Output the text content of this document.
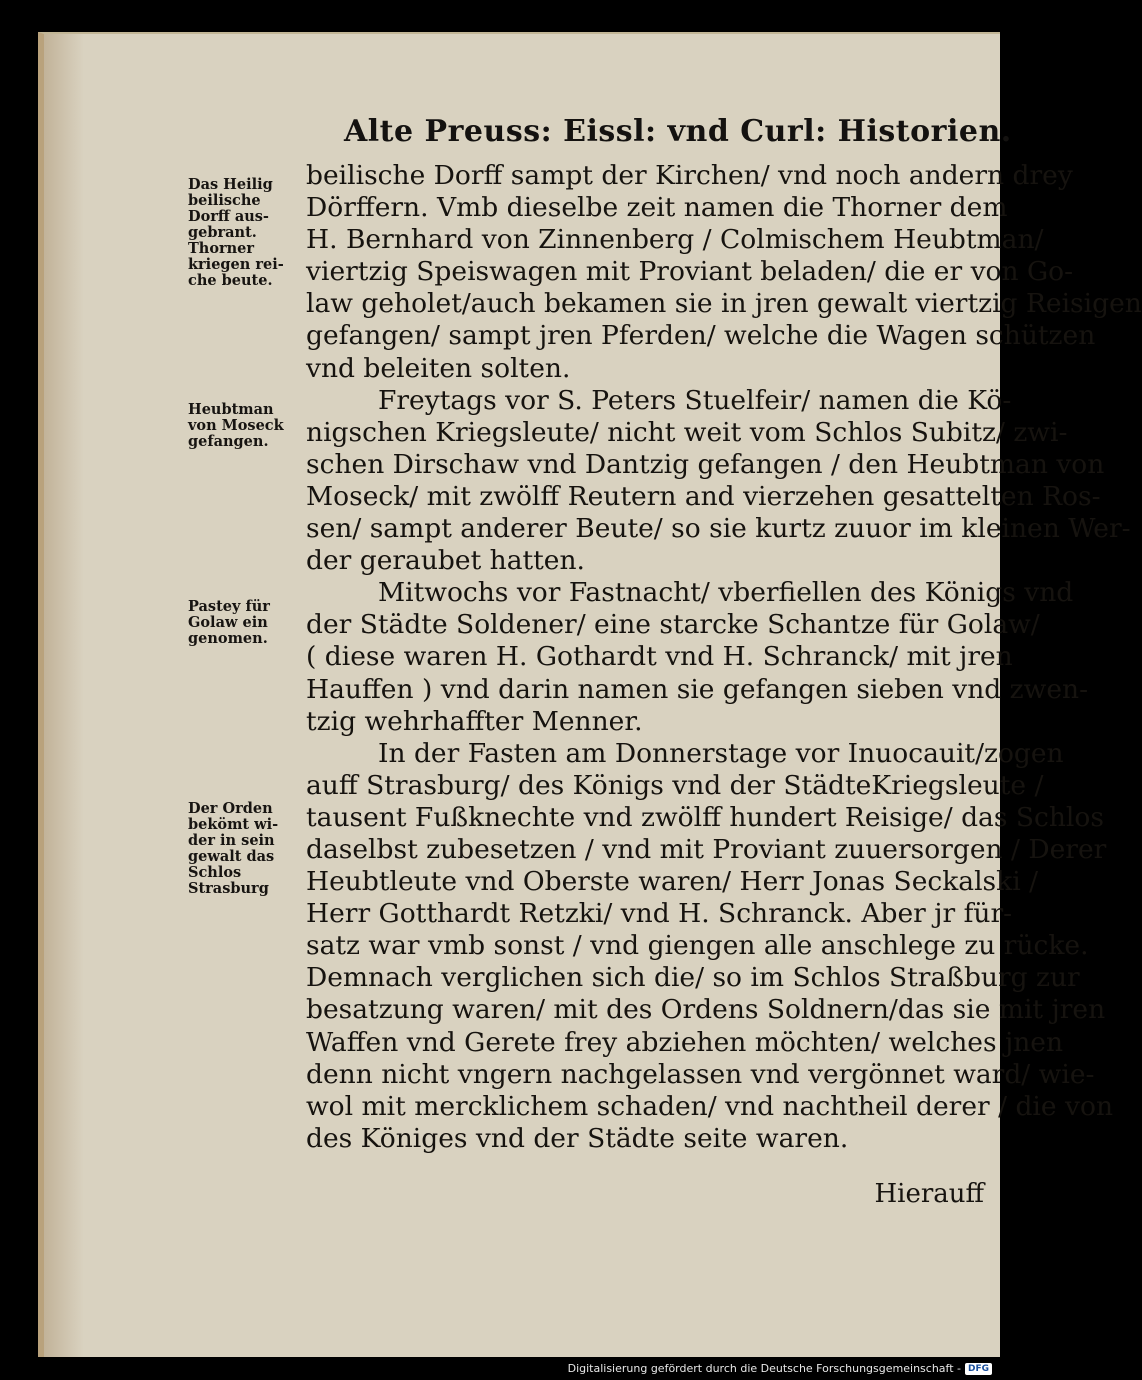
Alte Preuss: Eissl: vnd Curl: Historien.
beilische Dorff sampt der Kirchen/ vnd noch andern drey
Dörffern. Vmb dieselbe zeit namen die Thorner dem
H. Bernhard von Zinnenberg / Colmischem Heubtman/
viertzig Speiswagen mit Proviant beladen/ die er von Go-
law geholet/auch bekamen sie in jren gewalt viertzig Reisigen
gefangen/ sampt jren Pferden/ welche die Wagen schützen
vnd beleiten solten.
Freytags vor S. Peters Stuelfeir/ namen die Kö-
nigschen Kriegsleute/ nicht weit vom Schlos Subitz/ zwi-
schen Dirschaw vnd Dantzig gefangen / den Heubtman von
Moseck/ mit zwölff Reutern and vierzehen gesattelten Ros-
sen/ sampt anderer Beute/ so sie kurtz zuuor im kleinen Wer-
der geraubet hatten.
Mitwochs vor Fastnacht/ vberfiellen des Königs vnd
der Städte Soldener/ eine starcke Schantze für Golaw/
( diese waren H. Gothardt vnd H. Schranck/ mit jren
Hauffen ) vnd darin namen sie gefangen sieben vnd zwen-
tzig wehrhaffter Menner.
In der Fasten am Donnerstage vor Inuocauit/zogen
auff Strasburg/ des Königs vnd der StädteKriegsleute /
tausent Fußknechte vnd zwölff hundert Reisige/ das Schlos
daselbst zubesetzen / vnd mit Proviant zuuersorgen / Derer
Heubtleute vnd Oberste waren/ Herr Jonas Seckalski /
Herr Gotthardt Retzki/ vnd H. Schranck. Aber jr für-
satz war vmb sonst / vnd giengen alle anschlege zu rücke.
Demnach verglichen sich die/ so im Schlos Straßburg zur
besatzung waren/ mit des Ordens Soldnern/das sie mit jren
Waffen vnd Gerete frey abziehen möchten/ welches jnen
denn nicht vngern nachgelassen vnd vergönnet ward/ wie-
wol mit mercklichem schaden/ vnd nachtheil derer / die von
des Königes vnd der Städte seite waren.
Das Heilig
beilische
Dorff aus-
gebrant.
Thorner
kriegen rei-
che beute.
Heubtman
von Moseck
gefangen.
Pastey für
Golaw ein
genomen.
Der Orden
bekömt wi-
der in sein
gewalt das
Schlos
Strasburg
Hierauff
Digitalisierung gefördert durch die Deutsche Forschungsgemeinschaft - DFG
